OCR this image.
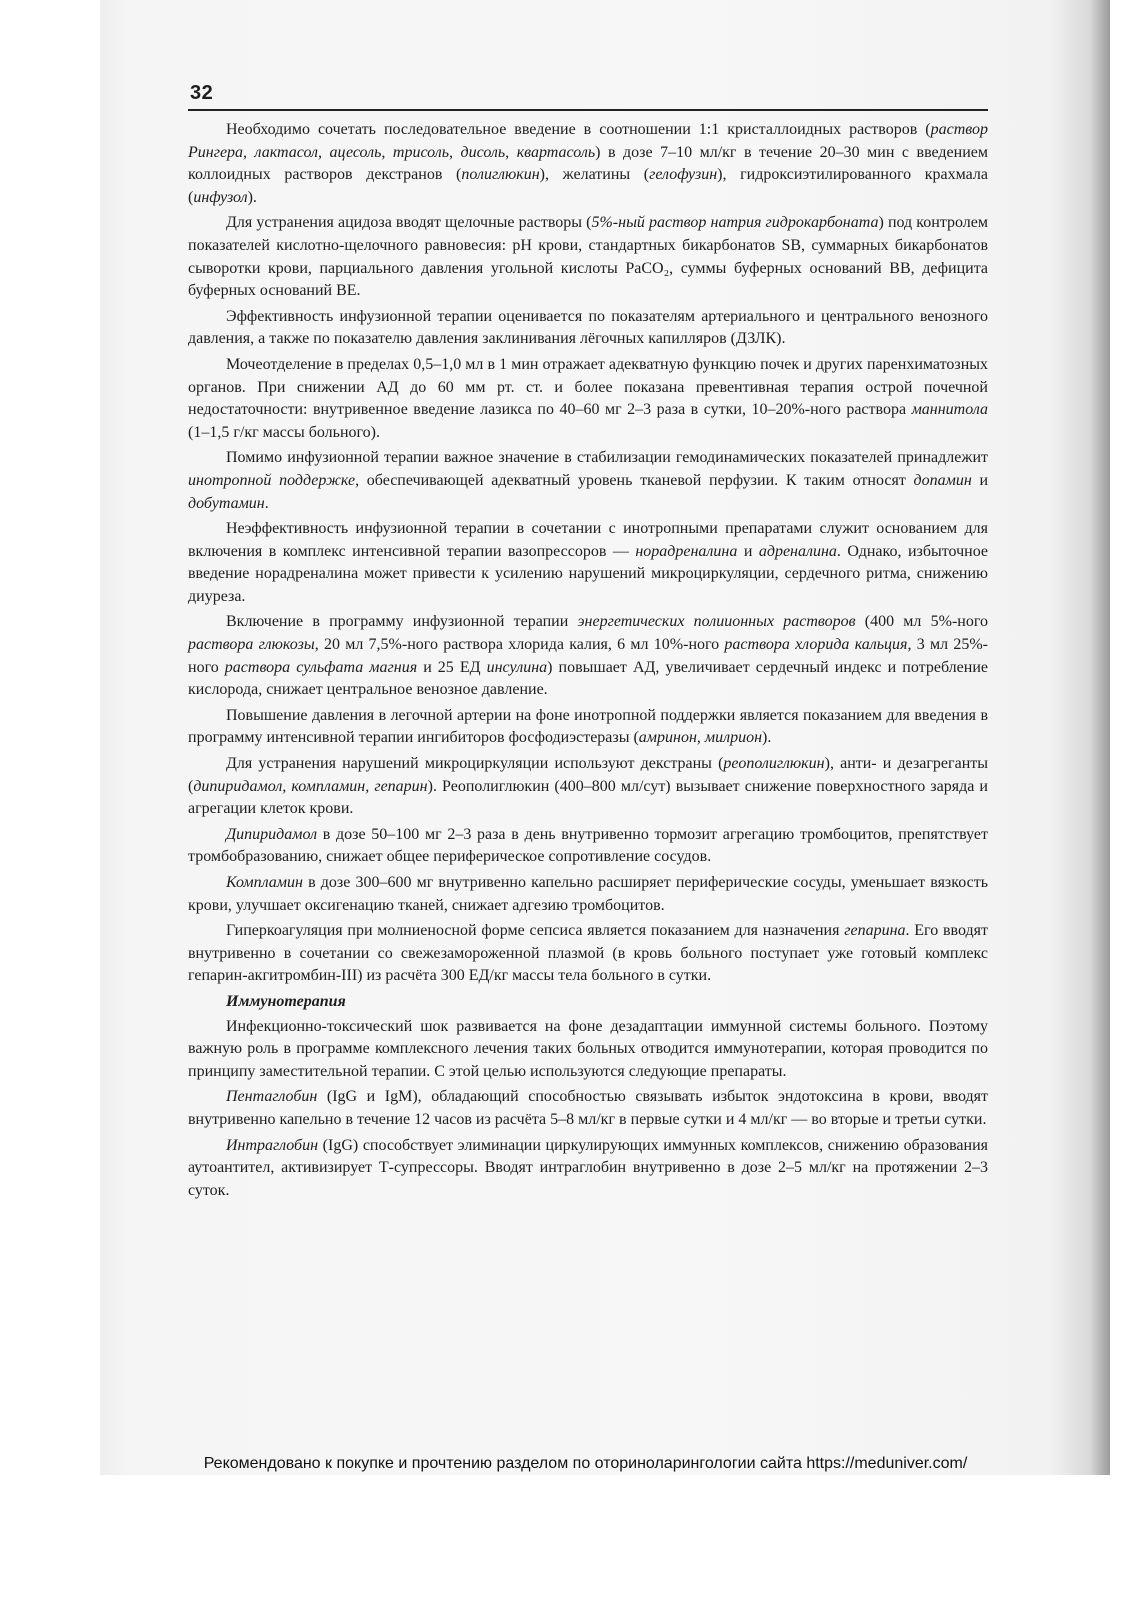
32

Необходимо сочетать последовательное введение в соотношении 1:1 кристаллоидных растворов (раствор Рингера, лактасол, ацесоль, трисоль, дисоль, квартасоль) в дозе 7–10 мл/кг в течение 20–30 мин с введением коллоидных растворов декстранов (полиглюкин), желатины (гелофузин), гидроксиэтилированного крахмала (инфузол).

Для устранения ацидоза вводят щелочные растворы (5%-ный раствор натрия гидрокарбоната) под контролем показателей кислотно-щелочного равновесия: pH крови, стандартных бикарбонатов SB, суммарных бикарбонатов сыворотки крови, парциального давления угольной кислоты PaCO₂, суммы буферных оснований BB, дефицита буферных оснований BE.

Эффективность инфузионной терапии оценивается по показателям артериального и центрального венозного давления, а также по показателю давления заклинивания лёгочных капилляров (ДЗЛК).

Мочеотделение в пределах 0,5–1,0 мл в 1 мин отражает адекватную функцию почек и других паренхиматозных органов. При снижении АД до 60 мм рт. ст. и более показана превентивная терапия острой почечной недостаточности: внутривенное введение лазикса по 40–60 мг 2–3 раза в сутки, 10–20%-ного раствора маннитола (1–1,5 г/кг массы больного).

Помимо инфузионной терапии важное значение в стабилизации гемодинамических показателей принадлежит инотропной поддержке, обеспечивающей адекватный уровень тканевой перфузии. К таким относят допамин и добутамин.

Неэффективность инфузионной терапии в сочетании с инотропными препаратами служит основанием для включения в комплекс интенсивной терапии вазопрессоров — норадреналина и адреналина. Однако, избыточное введение норадреналина может привести к усилению нарушений микроциркуляции, сердечного ритма, снижению диуреза.

Включение в программу инфузионной терапии энергетических полиионных растворов (400 мл 5%-ного раствора глюкозы, 20 мл 7,5%-ного раствора хлорида калия, 6 мл 10%-ного раствора хлорида кальция, 3 мл 25%-ного раствора сульфата магния и 25 ЕД инсулина) повышает АД, увеличивает сердечный индекс и потребление кислорода, снижает центральное венозное давление.

Повышение давления в легочной артерии на фоне инотропной поддержки является показанием для введения в программу интенсивной терапии ингибиторов фосфодиэстеразы (амринон, милрион).

Для устранения нарушений микроциркуляции используют декстраны (реополиглюкин), анти- и дезагреганты (дипиридамол, компламин, гепарин). Реополиглюкин (400–800 мл/сут) вызывает снижение поверхностного заряда и агрегации клеток крови.

Дипиридамол в дозе 50–100 мг 2–3 раза в день внутривенно тормозит агрегацию тромбоцитов, препятствует тромбобразованию, снижает общее периферическое сопротивление сосудов.

Компламин в дозе 300–600 мг внутривенно капельно расширяет периферические сосуды, уменьшает вязкость крови, улучшает оксигенацию тканей, снижает адгезию тромбоцитов.

Гиперкоагуляция при молниеносной форме сепсиса является показанием для назначения гепарина. Его вводят внутривенно в сочетании со свежезамороженной плазмой (в кровь больного поступает уже готовый комплекс гепарин-акгитромбин-III) из расчёта 300 ЕД/кг массы тела больного в сутки.

Иммунотерапия

Инфекционно-токсический шок развивается на фоне дезадаптации иммунной системы больного. Поэтому важную роль в программе комплексного лечения таких больных отводится иммунотерапии, которая проводится по принципу заместительной терапии. С этой целью используются следующие препараты.

Пентаглобин (IgG и IgM), обладающий способностью связывать избыток эндотоксина в крови, вводят внутривенно капельно в течение 12 часов из расчёта 5–8 мл/кг в первые сутки и 4 мл/кг — во вторые и третьи сутки.

Интраглобин (IgG) способствует элиминации циркулирующих иммунных комплексов, снижению образования аутоантител, активизирует Т-супрессоры. Вводят интраглобин внутривенно в дозе 2–5 мл/кг на протяжении 2–3 суток.

Рекомендовано к покупке и прочтению разделом по оториноларингологии сайта https://meduniver.com/
